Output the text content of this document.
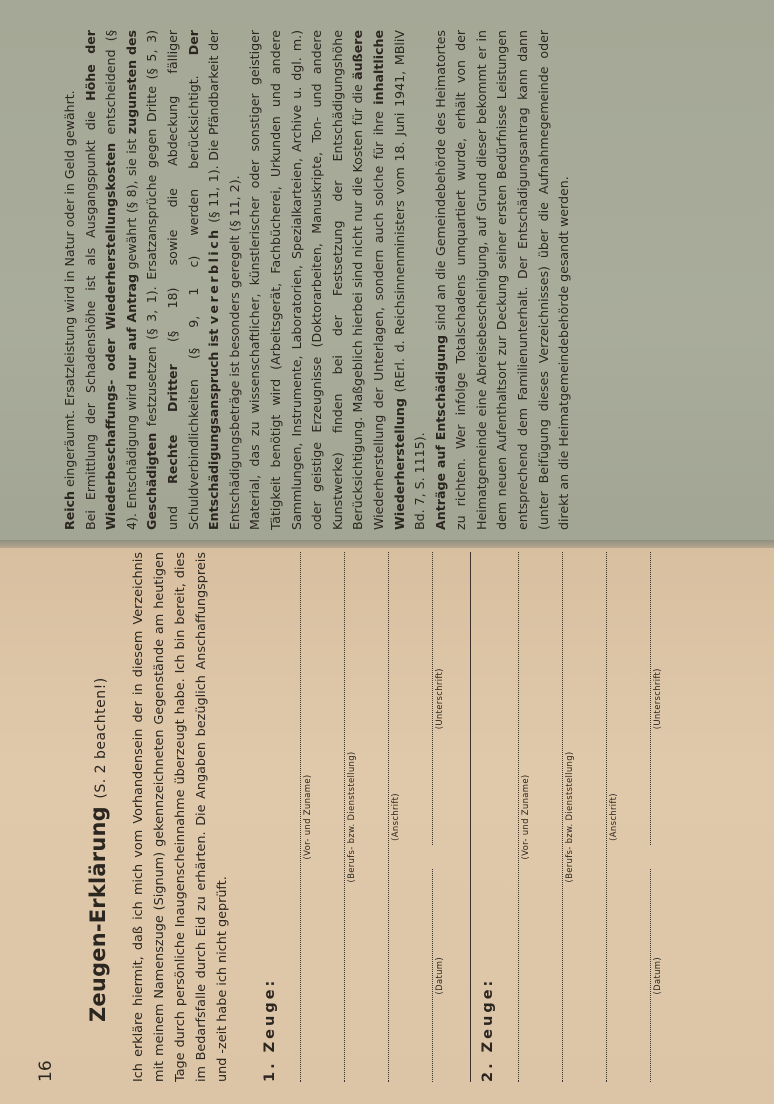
16
Zeugen-Erklärung (S. 2 beachten!) Ich erkläre hiermit, daß ich mich vom Vorhandensein der in diesem Verzeichnis mit meinem Namenszuge (Signum) gekennzeichneten Gegenstände am heutigen Tage durch persönliche Inaugenscheinnahme überzeugt habe. Ich bin bereit, dies im Bedarfsfalle durch Eid zu erhärten. Die Angaben bezüglich Anschaffungspreis und -zeit habe ich nicht geprüft. 1. Zeuge:
(Vor- und Zuname)	(Berufs- bzw. Dienststellung)	(Anschrift)
(Datum)
(Unterschrift)
2. Zeuge:
(Vor- und Zuname)	(Berufs- bzw. Dienststellung)	(Anschrift)
(Datum)
(Unterschrift)

Reich eingeräumt. Ersatzleistung wird in Natur oder in Geld gewährt. Bei Ermittlung der Schadenshöhe ist als Ausgangspunkt die Höhe der Wiederbeschaffungs- oder Wiederherstellungskosten entscheidend (§ 4). Entschädigung wird nur auf Antrag gewährt (§ 8), sie ist zugunsten des Geschädigten festzusetzen (§ 3, 1). Ersatzansprüche gegen Dritte (§ 5, 3) und Rechte Dritter (§ 18) sowie die Abdeckung fälliger Schuldverbindlichkeiten (§ 9, 1 c) werden berücksichtigt. Der Entschädigungsanspruch ist vererblich (§ 11, 1). Die Pfändbarkeit der Entschädigungsbeträge ist besonders geregelt (§ 11, 2). Material, das zu wissenschaftlicher, künstlerischer oder sonstiger geistiger Tätigkeit benötigt wird (Arbeitsgerät, Fachbücherei, Urkunden und andere Sammlungen, Instrumente, Laboratorien, Spezialkarteien, Archive u. dgl. m.) oder geistige Erzeugnisse (Doktorarbeiten, Manuskripte, Ton- und andere Kunstwerke) finden bei der Festsetzung der Entschädigungshöhe Berücksichtigung. Maßgeblich hierbei sind nicht nur die Kosten für die äußere Wiederherstellung der Unterlagen, sondern auch solche für ihre inhaltliche Wiederherstellung (RErl. d. Reichsinnenministers vom 18. Juni 1941, MBliV Bd. 7, S. 1115). Anträge auf Entschädigung sind an die Gemeindebehörde des Heimatortes zu richten. Wer infolge Totalschadens umquartiert wurde, erhält von der Heimatgemeinde eine Abreisebescheinigung, auf Grund dieser bekommt er in dem neuen Aufenthaltsort zur Deckung seiner ersten Bedürfnisse Leistungen entsprechend dem Familienunterhalt. Der Entschädigungsantrag kann dann (unter Beifügung dieses Verzeichnisses) über die Aufnahmegemeinde oder direkt an die Heimatgemeindebehörde gesandt werden.
